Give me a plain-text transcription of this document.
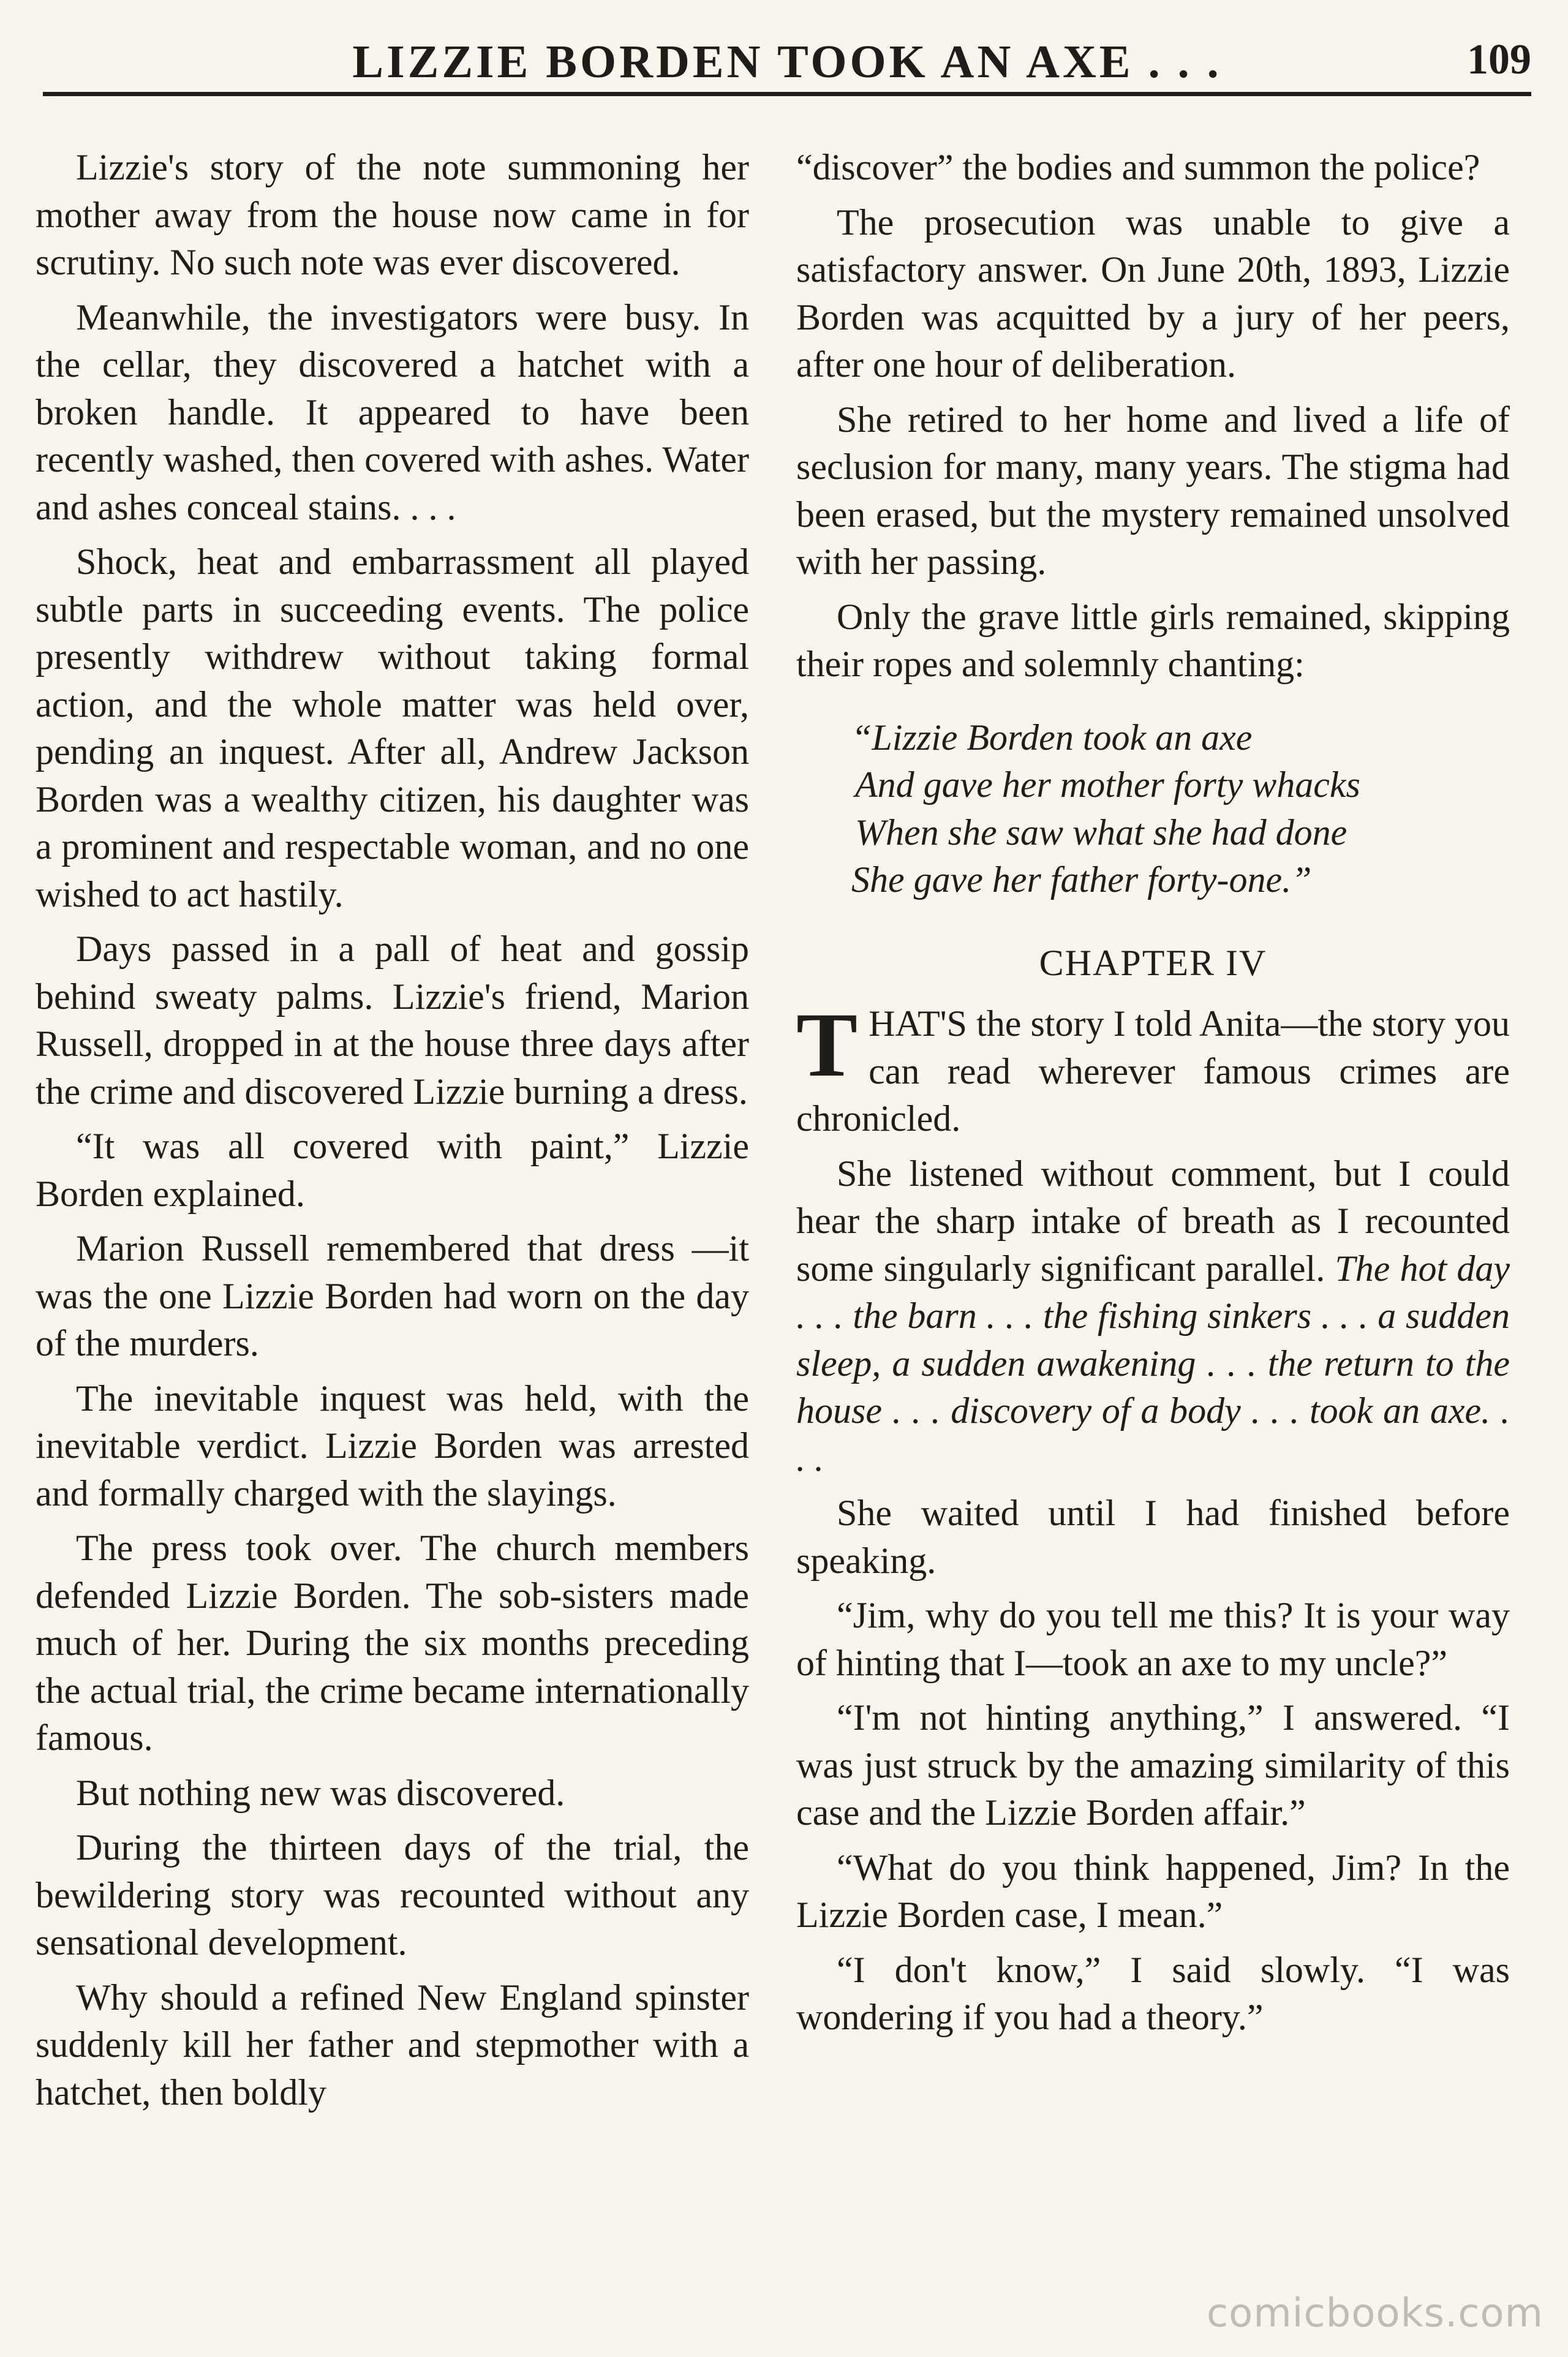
LIZZIE BORDEN TOOK AN AXE . . .	109

Lizzie's story of the note summoning her mother away from the house now came in for scrutiny. No such note was ever discovered.

Meanwhile, the investigators were busy. In the cellar, they discovered a hatchet with a broken handle. It appeared to have been recently washed, then covered with ashes. Water and ashes conceal stains. . . .

Shock, heat and embarrassment all played subtle parts in succeeding events. The police presently withdrew without taking formal action, and the whole matter was held over, pending an inquest. After all, Andrew Jackson Borden was a wealthy citizen, his daughter was a prominent and respectable woman, and no one wished to act hastily.

Days passed in a pall of heat and gossip behind sweaty palms. Lizzie's friend, Marion Russell, dropped in at the house three days after the crime and discovered Lizzie burning a dress.

“It was all covered with paint,” Lizzie Borden explained.

Marion Russell remembered that dress —it was the one Lizzie Borden had worn on the day of the murders.

The inevitable inquest was held, with the inevitable verdict. Lizzie Borden was arrested and formally charged with the slayings.

The press took over. The church members defended Lizzie Borden. The sob-sisters made much of her. During the six months preceding the actual trial, the crime became internationally famous.

But nothing new was discovered.

During the thirteen days of the trial, the bewildering story was recounted without any sensational development.

Why should a refined New England spinster suddenly kill her father and stepmother with a hatchet, then boldly

“discover” the bodies and summon the police?

The prosecution was unable to give a satisfactory answer. On June 20th, 1893, Lizzie Borden was acquitted by a jury of her peers, after one hour of deliberation.

She retired to her home and lived a life of seclusion for many, many years. The stigma had been erased, but the mystery remained unsolved with her passing.

Only the grave little girls remained, skipping their ropes and solemnly chanting:

“Lizzie Borden took an axe
And gave her mother forty whacks
When she saw what she had done
She gave her father forty-one.”
CHAPTER IV

THAT'S the story I told Anita—the story you can read wherever famous crimes are chronicled.

She listened without comment, but I could hear the sharp intake of breath as I recounted some singularly significant parallel. The hot day . . . the barn . . . the fishing sinkers . . . a sudden sleep, a sudden awakening . . . the return to the house . . . discovery of a body . . . took an axe. . . .

She waited until I had finished before speaking.

“Jim, why do you tell me this? It is your way of hinting that I—took an axe to my uncle?”

“I'm not hinting anything,” I answered. “I was just struck by the amazing similarity of this case and the Lizzie Borden affair.”

“What do you think happened, Jim? In the Lizzie Borden case, I mean.”

“I don't know,” I said slowly. “I was wondering if you had a theory.”

comicbooks.com
